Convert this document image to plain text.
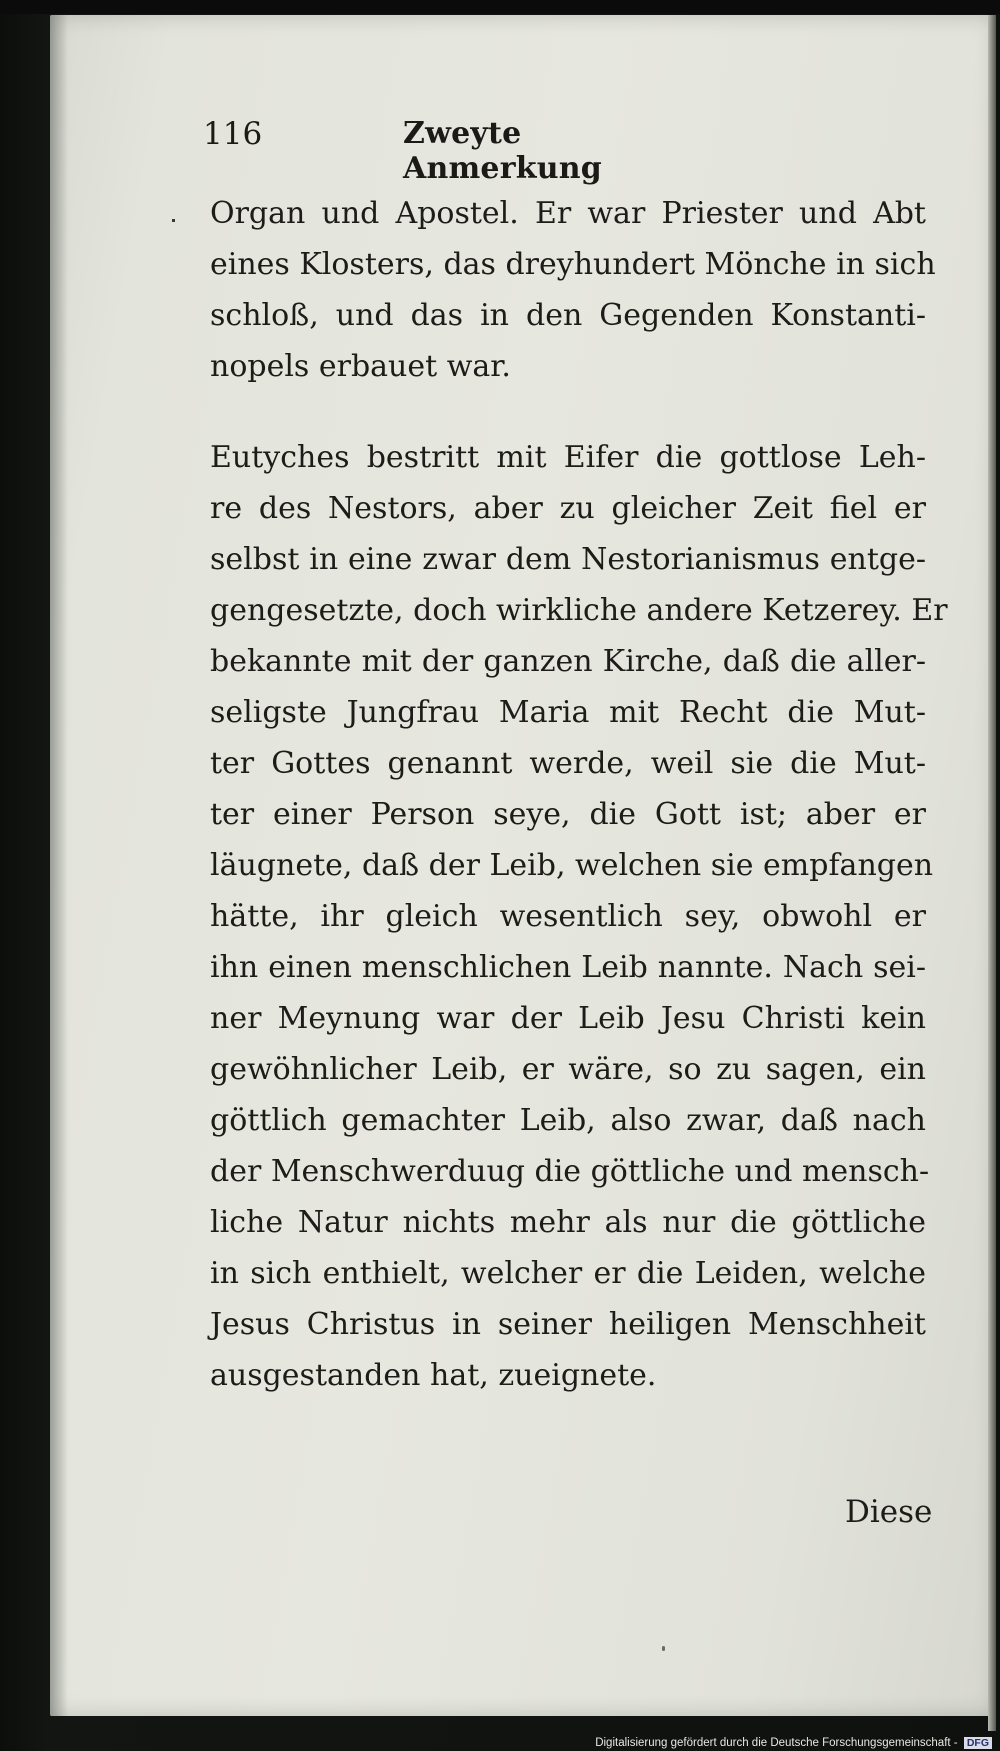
116	Zweyte Anmerkung
Organ und Apostel. Er war Priester und Abt
eines Klosters, das dreyhundert Mönche in sich
schloß, und das in den Gegenden Konstanti-
nopels erbauet war.
Eutyches bestritt mit Eifer die gottlose Leh-
re des Nestors, aber zu gleicher Zeit fiel er
selbst in eine zwar dem Nestorianismus entge-
gengesetzte, doch wirkliche andere Ketzerey. Er
bekannte mit der ganzen Kirche, daß die aller-
seligste Jungfrau Maria mit Recht die Mut-
ter Gottes genannt werde, weil sie die Mut-
ter einer Person seye, die Gott ist; aber er
läugnete, daß der Leib, welchen sie empfangen
hätte, ihr gleich wesentlich sey, obwohl er
ihn einen menschlichen Leib nannte. Nach sei-
ner Meynung war der Leib Jesu Christi kein
gewöhnlicher Leib, er wäre, so zu sagen, ein
göttlich gemachter Leib, also zwar, daß nach
der Menschwerduug die göttliche und mensch-
liche Natur nichts mehr als nur die göttliche
in sich enthielt, welcher er die Leiden, welche
Jesus Christus in seiner heiligen Menschheit
ausgestanden hat, zueignete.
Diese
Digitalisierung gefördert durch die Deutsche Forschungsgemeinschaft - DFG
